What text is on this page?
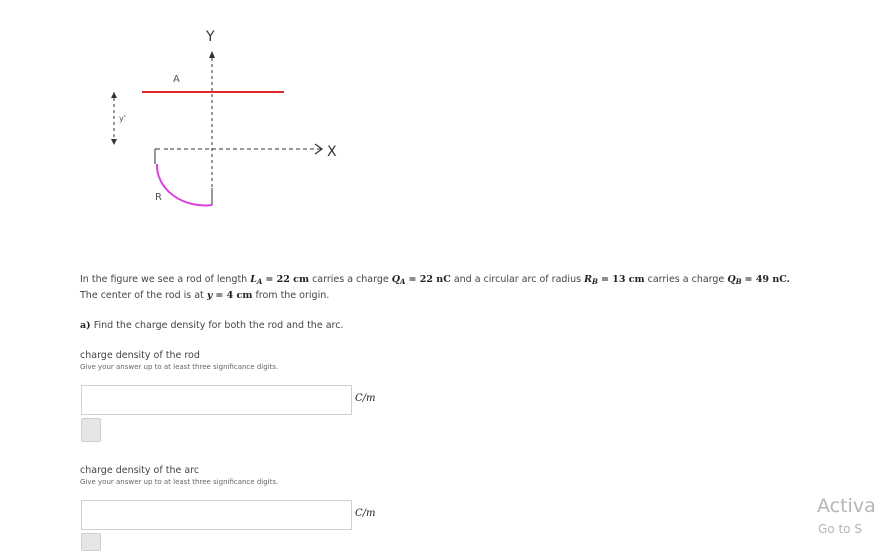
Y
X
A
R
y'
In the figure we see a rod of length $L_A = 22$ cm carries a charge $Q_A = 22$ nC and a circular arc of radius $R_B = 13$ cm carries a charge $Q_B = 49$ nC.
The center of the rod is at y = 4 cm from the origin.
a) Find the charge density for both the rod and the arc.
charge density of the rod
Give your answer up to at least three significance digits.
C/m
charge density of the arc
Give your answer up to at least three significance digits.
C/m	Activa
Go to S
